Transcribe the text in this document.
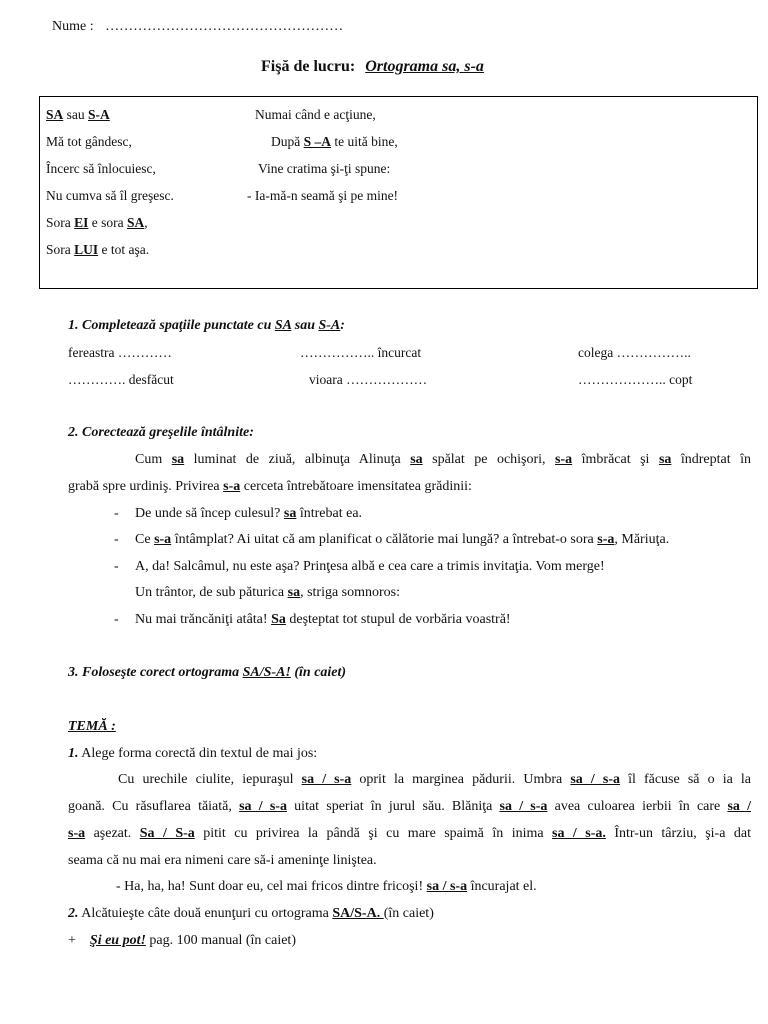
Nume : ……………………………………………
Fişă de lucru: Ortograma sa, s-a
SA sau S-A
Mă tot gândesc,
Încerc să înlocuiesc,
Nu cumva să îl greşesc.
Sora EI e sora SA,
Sora LUI e tot aşa.
Numai când e acţiune,
După S –A te uită bine,
Vine cratima şi-ţi spune:
- Ia-mă-n seamă şi pe mine!
1. Completează spaţiile punctate cu SA sau S-A:
fereastra …………	…………….. încurcat	colega ……………..
…………. desfăcut	vioara ………………	……………….. copt
2. Corectează greşelile întâlnite:
Cum sa luminat de ziuă, albinuţa Alinuţa sa spălat pe ochişori, s-a îmbrăcat şi sa îndreptat în
grabă spre urdiniş. Privirea s-a cerceta întrebătoare imensitatea grădinii:
- De unde să încep culesul? sa întrebat ea.
- Ce s-a întâmplat? Ai uitat că am planificat o călătorie mai lungă? a întrebat-o sora s-a, Măriuţa.
- A, da! Salcâmul, nu este aşa? Prinţesa albă e cea care a trimis invitaţia. Vom merge!
Un trântor, de sub păturica sa, striga somnoros:
- Nu mai trăncăniţi atâta! Sa deşteptat tot stupul de vorbăria voastră!
3. Foloseşte corect ortograma SA/S-A! (în caiet)
TEMĂ :
1. Alege forma corectă din textul de mai jos:
Cu urechile ciulite, iepuraşul sa / s-a oprit la marginea pădurii. Umbra sa / s-a îl făcuse să o ia la
goană. Cu răsuflarea tăiată, sa / s-a uitat speriat în jurul său. Blăniţa sa / s-a avea culoarea ierbii în care sa /
s-a aşezat. Sa / S-a pitit cu privirea la pândă şi cu mare spaimă în inima sa / s-a. Într-un târziu, şi-a dat
seama că nu mai era nimeni care să-i ameninţe liniştea.
- Ha, ha, ha! Sunt doar eu, cel mai fricos dintre fricoşi! sa / s-a încurajat el.
2. Alcătuieşte câte două enunţuri cu ortograma SA/S-A. (în caiet)
+ Şi eu pot! pag. 100 manual (în caiet)
